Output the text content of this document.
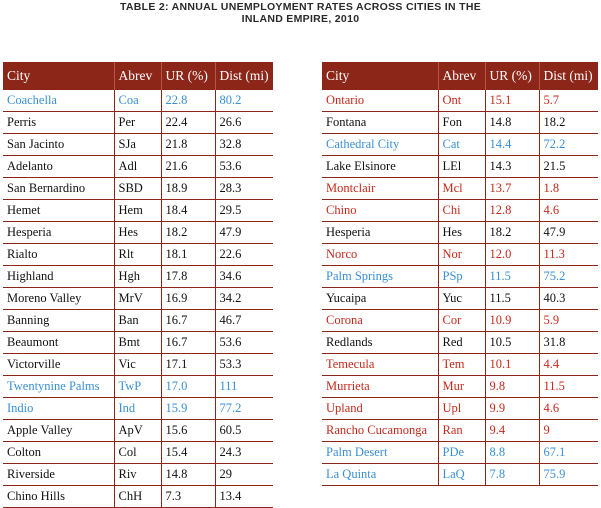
TABLE 2: ANNUAL UNEMPLOYMENT RATES ACROSS CITIES IN THE
INLAND EMPIRE, 2010
City	Abrev	UR (%)	Dist (mi)
Coachella	Coa	22.8	80.2
Perris	Per	22.4	26.6
San Jacinto	SJa	21.8	32.8
Adelanto	Adl	21.6	53.6
San Bernardino	SBD	18.9	28.3
Hemet	Hem	18.4	29.5
Hesperia	Hes	18.2	47.9
Rialto	Rlt	18.1	22.6
Highland	Hgh	17.8	34.6
Moreno Valley	MrV	16.9	34.2
Banning	Ban	16.7	46.7
Beaumont	Bmt	16.7	53.6
Victorville	Vic	17.1	53.3
Twentynine Palms	TwP	17.0	111
Indio	Ind	15.9	77.2
Apple Valley	ApV	15.6	60.5
Colton	Col	15.4	24.3
Riverside	Riv	14.8	29
Chino Hills	ChH	7.3	13.4
City	Abrev	UR (%)	Dist (mi)
Ontario	Ont	15.1	5.7
Fontana	Fon	14.8	18.2
Cathedral City	Cat	14.4	72.2
Lake Elsinore	LEl	14.3	21.5
Montclair	Mcl	13.7	1.8
Chino	Chi	12.8	4.6
Hesperia	Hes	18.2	47.9
Norco	Nor	12.0	11.3
Palm Springs	PSp	11.5	75.2
Yucaipa	Yuc	11.5	40.3
Corona	Cor	10.9	5.9
Redlands	Red	10.5	31.8
Temecula	Tem	10.1	4.4
Murrieta	Mur	9.8	11.5
Upland	Upl	9.9	4.6
Rancho Cucamonga	Ran	9.4	9
Palm Desert	PDe	8.8	67.1
La Quinta	LaQ	7.8	75.9
